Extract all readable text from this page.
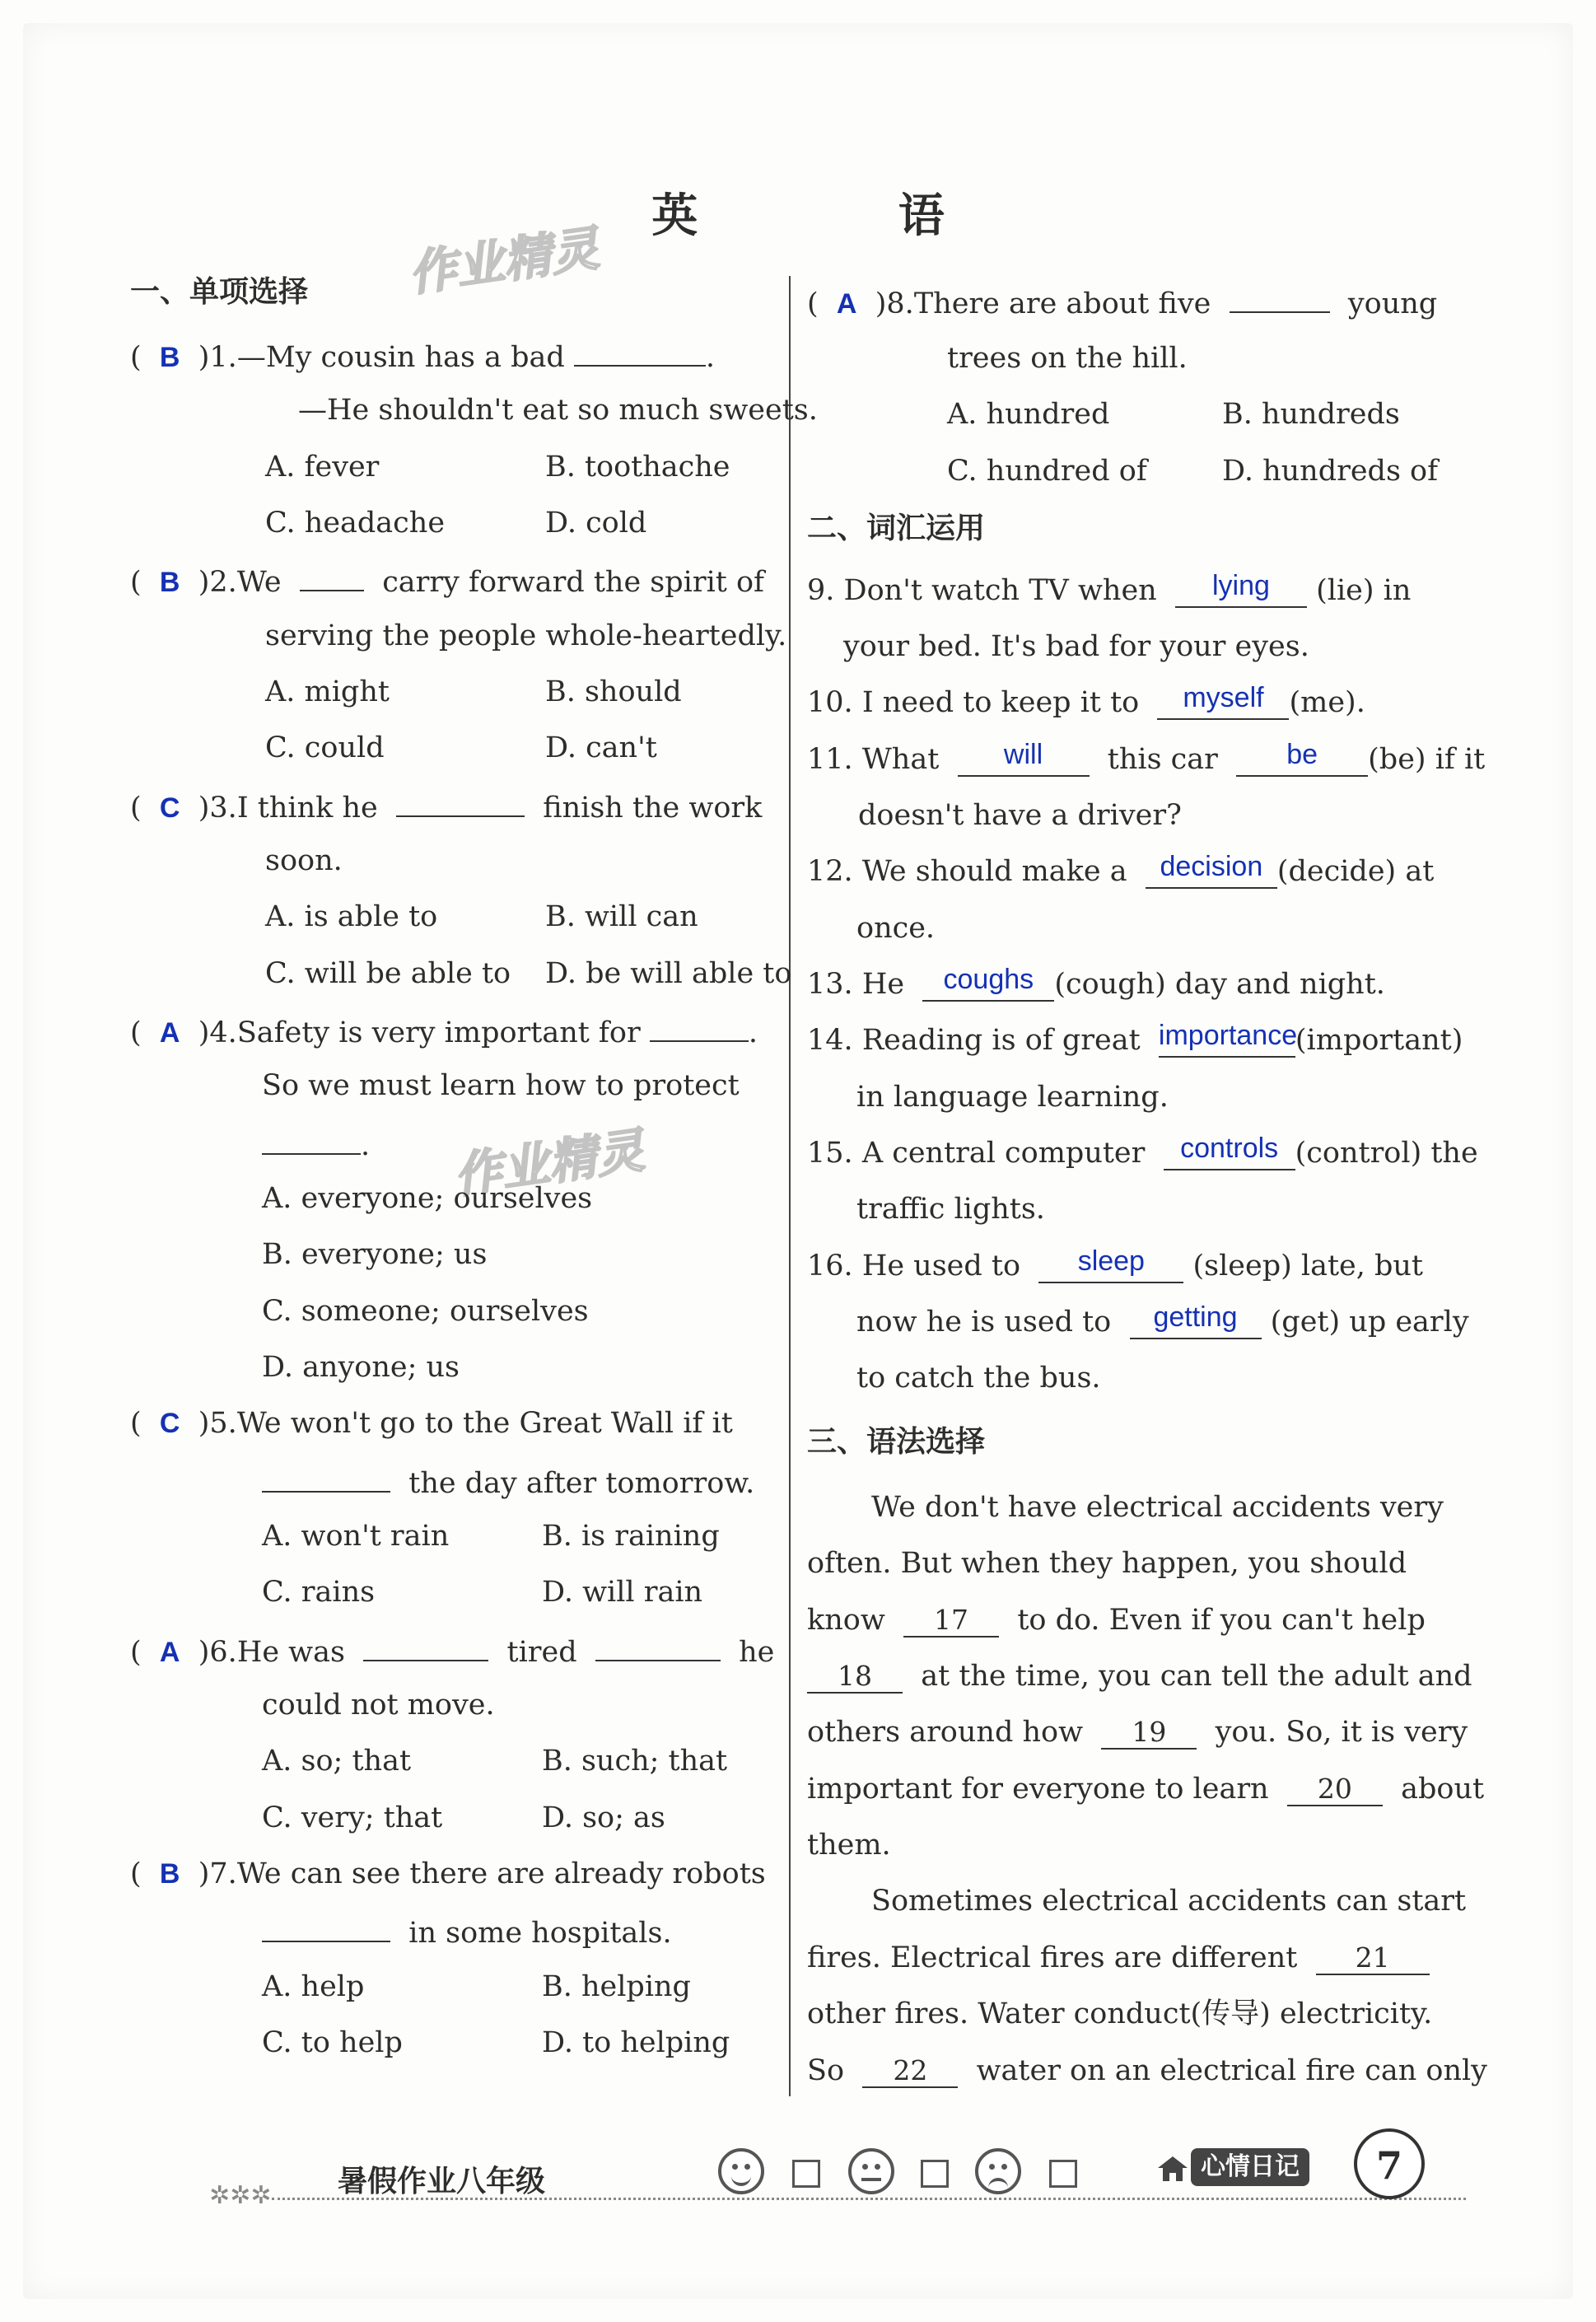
英 语
作业精灵
作业精灵
一、单项选择
( B )1.—My cousin has a bad	.
—He shouldn't eat so much sweets.
A. fever	B. toothache
C. headache	D. cold
( B )2.We	carry forward the spirit of
serving the people whole-heartedly.
A. might	B. should
C. could	D. can't
( C )3.I think he	finish the work
soon.
A. is able to	B. will can
C. will be able to D. be will able to
( A )4.Safety is very important for	.
So we must learn how to protect
.
A. everyone; ourselves
B. everyone; us
C. someone; ourselves
D. anyone; us
( C )5.We won't go to the Great Wall if it
the day after tomorrow.
A. won't rain	B. is raining
C. rains	D. will rain
( A )6.He was	tired	he
could not move.
A. so; that	B. such; that
C. very; that	D. so; as
( B )7.We can see there are already robots
in some hospitals.
A. help	B. helping
C. to help	D. to helping
( A )8.There are about five	young
trees on the hill.
A. hundred	B. hundreds
C. hundred of	D. hundreds of
二、词汇运用
9. Don't watch TV when lying (lie) in
your bed. It's bad for your eyes.
10. I need to keep it to myself (me).
11. What will this car be (be) if it
doesn't have a driver?
12. We should make a decision (decide) at
once.
13. He coughs (cough) day and night.
14. Reading is of great importance(important)
in language learning.
15. A central computer controls (control) the
traffic lights.
16. He used to sleep (sleep) late, but
now he is used to getting (get) up early
to catch the bus.
三、语法选择
We don't have electrical accidents very
often. But when they happen, you should
know 17 to do. Even if you can't help
18 at the time, you can tell the adult and
others around how 19 you. So, it is very
important for everyone to learn 20 about
them.
Sometimes electrical accidents can start
fires. Electrical fires are different 21
other fires. Water conduct(传导) electricity.
So 22 water on an electrical fire can only
✲✲✲ 暑假作业八年级	心情日记	7
